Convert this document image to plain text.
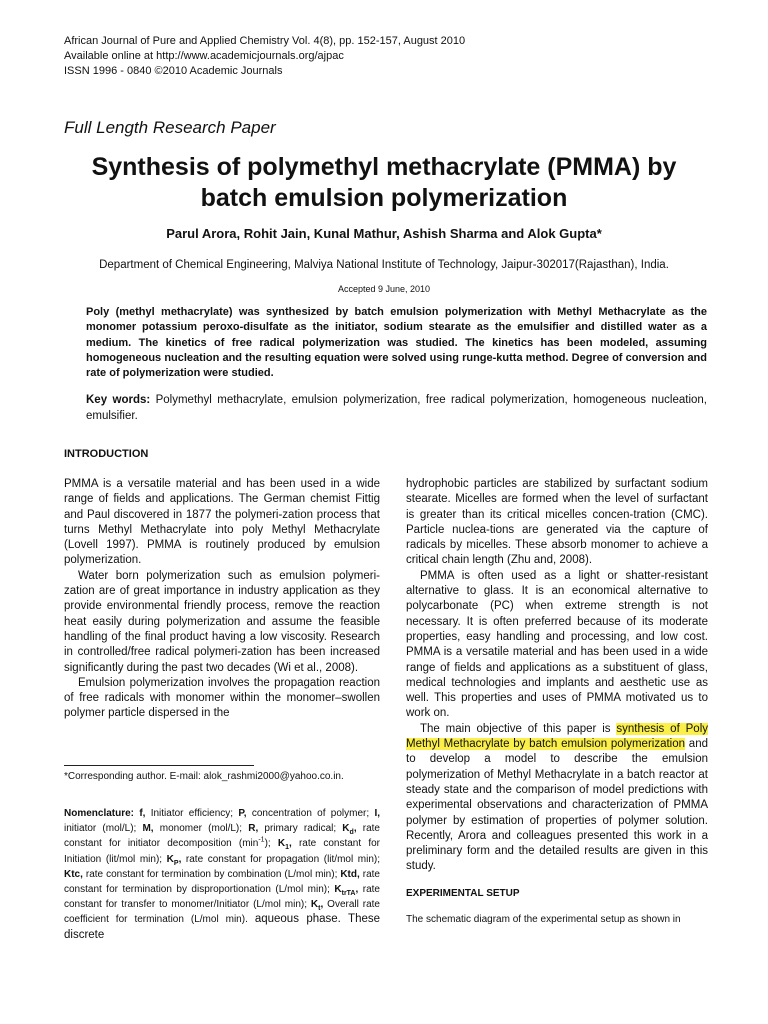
African Journal of Pure and Applied Chemistry Vol. 4(8), pp. 152-157, August 2010
Available online at http://www.academicjournals.org/ajpac
ISSN 1996 - 0840 ©2010 Academic Journals
Full Length Research Paper
Synthesis of polymethyl methacrylate (PMMA) by batch emulsion polymerization
Parul Arora, Rohit Jain, Kunal Mathur, Ashish Sharma and Alok Gupta*
Department of Chemical Engineering, Malviya National Institute of Technology, Jaipur-302017(Rajasthan), India.
Accepted 9 June, 2010
Poly (methyl methacrylate) was synthesized by batch emulsion polymerization with Methyl Methacrylate as the monomer potassium peroxo-disulfate as the initiator, sodium stearate as the emulsifier and distilled water as a medium. The kinetics of free radical polymerization was studied. The kinetics has been modeled, assuming homogeneous nucleation and the resulting equation were solved using runge-kutta method. Degree of conversion and rate of polymerization were studied.
Key words: Polymethyl methacrylate, emulsion polymerization, free radical polymerization, homogeneous nucleation, emulsifier.
INTRODUCTION

PMMA is a versatile material and has been used in a wide range of fields and applications. The German chemist Fittig and Paul discovered in 1877 the polymeri-zation process that turns Methyl Methacrylate into poly Methyl Methacrylate (Lovell 1997). PMMA is routinely produced by emulsion polymerization.

Water born polymerization such as emulsion polymeri-zation are of great importance in industry application as they provide environmental friendly process, remove the reaction heat easily during polymerization and assume the feasible handling of the final product having a low viscosity. Research in controlled/free radical polymeri-zation has been increased significantly during the past two decades (Wi et al., 2008).

Emulsion polymerization involves the propagation reaction of free radicals with monomer within the monomer–swollen polymer particle dispersed in the

*Corresponding author. E-mail: alok_rashmi2000@yahoo.co.in.
Nomenclature: f, Initiator efficiency; P, concentration of polymer; I, initiator (mol/L); M, monomer (mol/L); R, primary radical; $K_d$, rate constant for initiator decomposition $(\min^{-1})$; $K_1$, rate constant for Initiation (lit/mol min); $K_P$, rate constant for propagation (lit/mol min); Ktc, rate constant for termination by combination (L/mol min); Ktd, rate constant for termination by disproportionation (L/mol min); $K_{trTA}$, rate constant for transfer to monomer/Initiator (L/mol min); $K_t$, Overall rate coefficient for termination (L/mol min). aqueous phase. These discrete

hydrophobic particles are stabilized by surfactant sodium stearate. Micelles are formed when the level of surfactant is greater than its critical micelles concen-tration (CMC). Particle nuclea-tions are generated via the capture of radicals by micelles. These absorb monomer to achieve a critical chain length (Zhu and, 2008).

PMMA is often used as a light or shatter-resistant alternative to glass. It is an economical alternative to polycarbonate (PC) when extreme strength is not necessary. It is often preferred because of its moderate properties, easy handling and processing, and low cost. PMMA is a versatile material and has been used in a wide range of fields and applications as a substituent of glass, medical technologies and implants and aesthetic use as well. This properties and uses of PMMA motivated us to work on.

The main objective of this paper is synthesis of Poly Methyl Methacrylate by batch emulsion polymerization and to develop a model to describe the emulsion polymerization of Methyl Methacrylate in a batch reactor at steady state and the comparison of model predictions with experimental observations and characterization of PMMA polymer by estimation of properties of polymer solution. Recently, Arora and colleagues presented this work in a preliminary form and the detailed results are given in this study.

EXPERIMENTAL SETUP
The schematic diagram of the experimental setup as shown in
